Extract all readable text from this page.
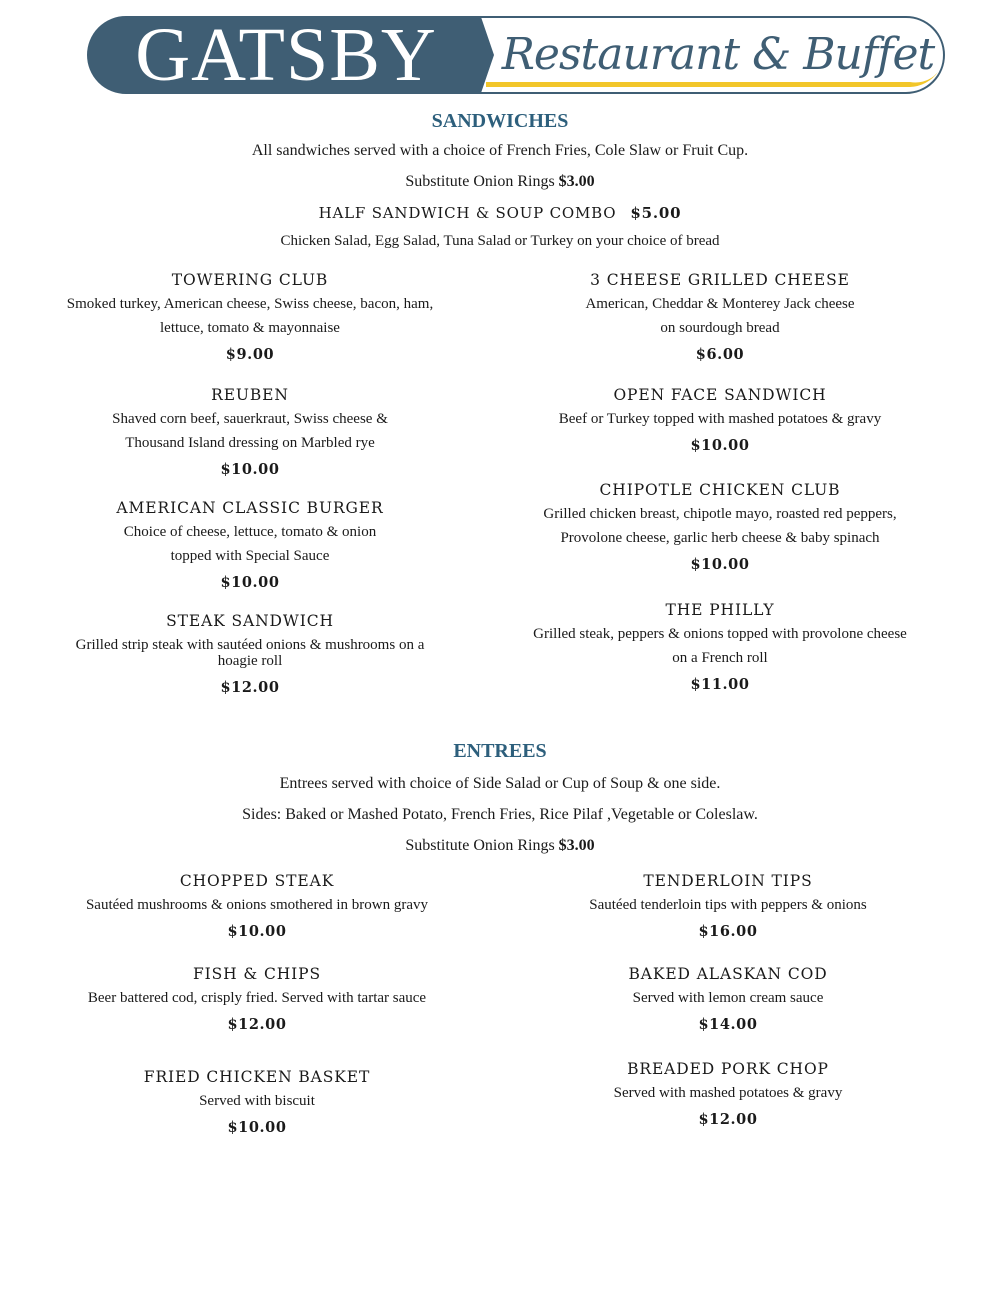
GATSBY	Restaurant & Buffet
SANDWICHES
All sandwiches served with a choice of French Fries, Cole Slaw or Fruit Cup.
Substitute Onion Rings $3.00
HALF SANDWICH & SOUP COMBO $5.00
Chicken Salad, Egg Salad, Tuna Salad or Turkey on your choice of bread
TOWERING CLUB
Smoked turkey, American cheese, Swiss cheese, bacon, ham,
lettuce, tomato & mayonnaise
$9.00
REUBEN
Shaved corn beef, sauerkraut, Swiss cheese &
Thousand Island dressing on Marbled rye
$10.00
AMERICAN CLASSIC BURGER
Choice of cheese, lettuce, tomato & onion
topped with Special Sauce
$10.00
STEAK SANDWICH
Grilled strip steak with sautéed onions & mushrooms on a hoagie roll
$12.00
3 CHEESE GRILLED CHEESE
American, Cheddar & Monterey Jack cheese
on sourdough bread
$6.00
OPEN FACE SANDWICH
Beef or Turkey topped with mashed potatoes & gravy
$10.00
CHIPOTLE CHICKEN CLUB
Grilled chicken breast, chipotle mayo, roasted red peppers,
Provolone cheese, garlic herb cheese & baby spinach
$10.00
THE PHILLY
Grilled steak, peppers & onions topped with provolone cheese
on a French roll
$11.00
ENTREES
Entrees served with choice of Side Salad or Cup of Soup & one side.
Sides: Baked or Mashed Potato, French Fries, Rice Pilaf ,Vegetable or Coleslaw.
Substitute Onion Rings $3.00
CHOPPED STEAK
Sautéed mushrooms & onions smothered in brown gravy
$10.00
FISH & CHIPS
Beer battered cod, crisply fried. Served with tartar sauce
$12.00
FRIED CHICKEN BASKET
Served with biscuit
$10.00
TENDERLOIN TIPS
Sautéed tenderloin tips with peppers & onions
$16.00
BAKED ALASKAN COD
Served with lemon cream sauce
$14.00
BREADED PORK CHOP
Served with mashed potatoes & gravy
$12.00
